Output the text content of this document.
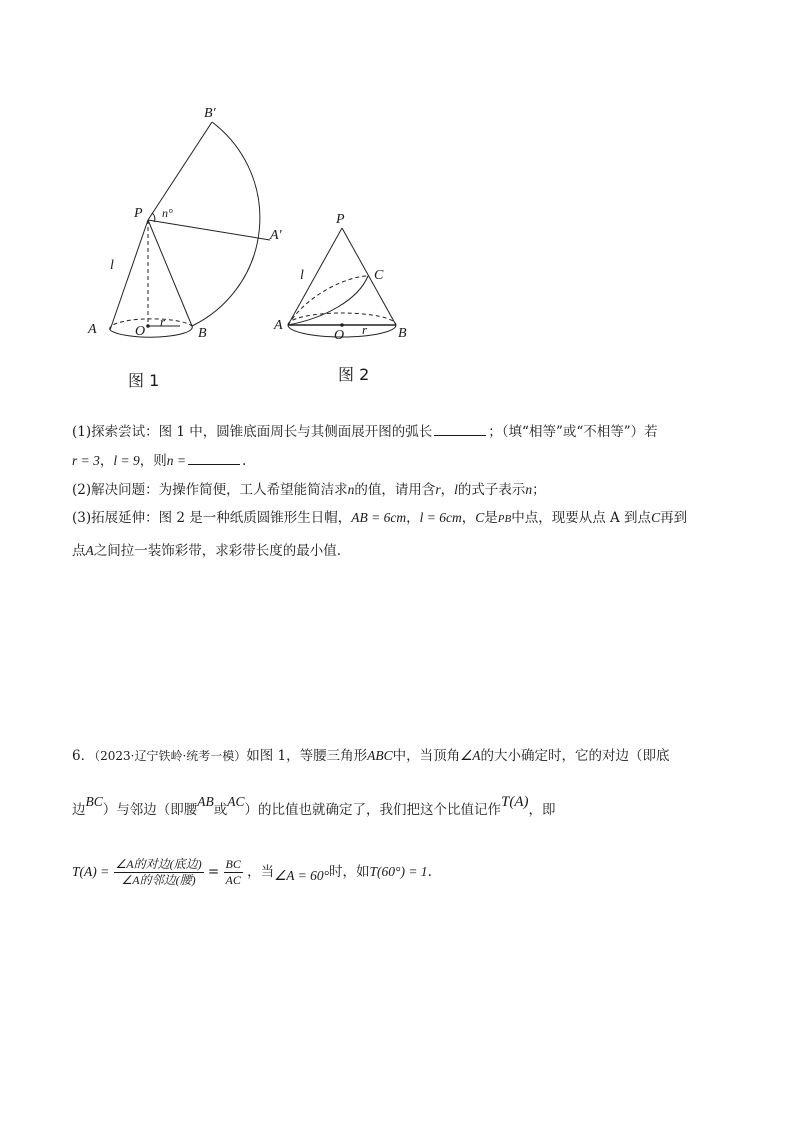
B′
P n°
A′
l
A	O
r
B
图 1
P
C
l
A
O r B
图 2
(1)探索尝试：图 1 中，圆锥底面周长与其侧面展开图的弧长	；（填“相等”或“不相等”）若
r = 3，l = 9，则n =	.
(2)解决问题：为操作简便，工人希望能简洁求n的值，请用含r，l的式子表示n；
(3)拓展延伸：图 2 是一种纸质圆锥形生日帽，AB = 6cm，l = 6cm，C是PB中点，现要从点 A 到点C再到
点A之间拉一装饰彩带，求彩带长度的最小值.
6．（2023·辽宁铁岭·统考一模）如图 1，等腰三角形ABC中，当顶角∠A的大小确定时，它的对边（即底
边BC）与邻边（即腰AB或AC）的比值也就确定了，我们把这个比值记作T(A)，即
$T(A) = \frac{\text{∠A的对边(底边)}}{\text{∠A的邻边(腰)}} = \frac{BC}{AC}$ ，当∠A = 60°时，如T(60°) = 1.
